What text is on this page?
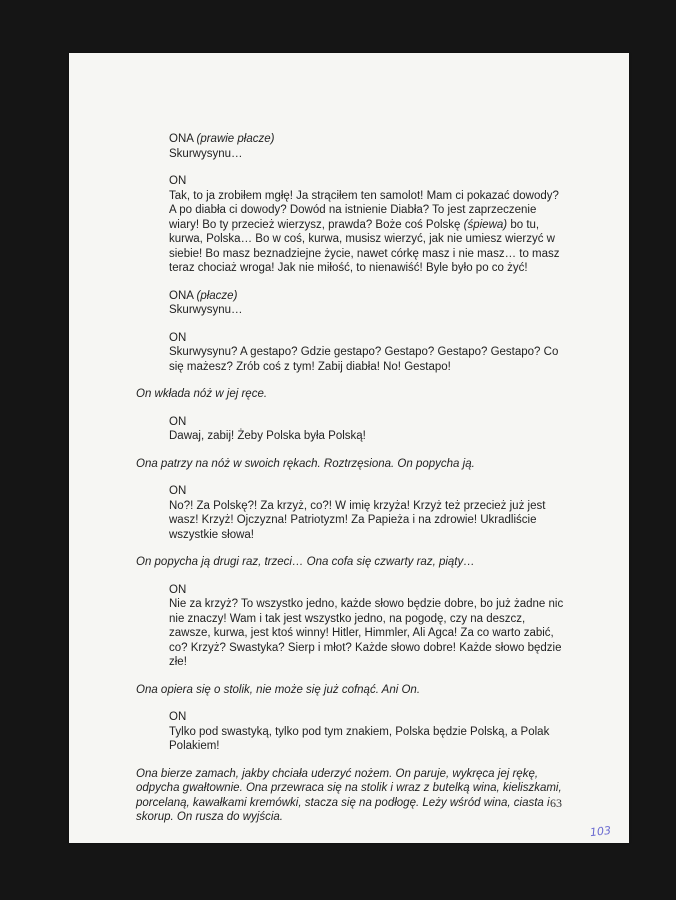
ONA (prawie płacze)

Skurwysynu…

ON

Tak, to ja zrobiłem mgłę! Ja strąciłem ten samolot! Mam ci pokazać dowody? A po diabła ci dowody? Dowód na istnienie Diabła? To jest zaprzeczenie wiary! Bo ty przecież wierzysz, prawda? Boże coś Polskę (śpiewa) bo tu, kurwa, Polska… Bo w coś, kurwa, musisz wierzyć, jak nie umiesz wierzyć w siebie! Bo masz beznadziejne życie, nawet córkę masz i nie masz… to masz teraz chociaż wroga! Jak nie miłość, to nienawiść! Byle było po co żyć!

ONA (płacze)

Skurwysynu…

ON

Skurwysynu? A gestapo? Gdzie gestapo? Gestapo? Gestapo? Gestapo? Co się mażesz? Zrób coś z tym! Zabij diabła! No! Gestapo!

On wkłada nóż w jej ręce.

ON

Dawaj, zabij! Żeby Polska była Polską!

Ona patrzy na nóż w swoich rękach. Roztrzęsiona. On popycha ją.

ON

No?! Za Polskę?! Za krzyż, co?! W imię krzyża! Krzyż też przecież już jest wasz! Krzyż! Ojczyzna! Patriotyzm! Za Papieża i na zdrowie! Ukradliście wszystkie słowa!

On popycha ją drugi raz, trzeci… Ona cofa się czwarty raz, piąty…

ON

Nie za krzyż? To wszystko jedno, każde słowo będzie dobre, bo już żadne nic nie znaczy! Wam i tak jest wszystko jedno, na pogodę, czy na deszcz, zawsze, kurwa, jest ktoś winny! Hitler, Himmler, Ali Agca! Za co warto zabić, co? Krzyż? Swastyka? Sierp i młot? Każde słowo dobre! Każde słowo będzie złe!

Ona opiera się o stolik, nie może się już cofnąć. Ani On.

ON

Tylko pod swastyką, tylko pod tym znakiem, Polska będzie Polską, a Polak Polakiem!

Ona bierze zamach, jakby chciała uderzyć nożem. On paruje, wykręca jej rękę, odpycha gwałtownie. Ona przewraca się na stolik i wraz z butelką wina, kieliszkami, porcelaną, kawałkami kremówki, stacza się na podłogę. Leży wśród wina, ciasta i skorup. On rusza do wyjścia.

63
103
